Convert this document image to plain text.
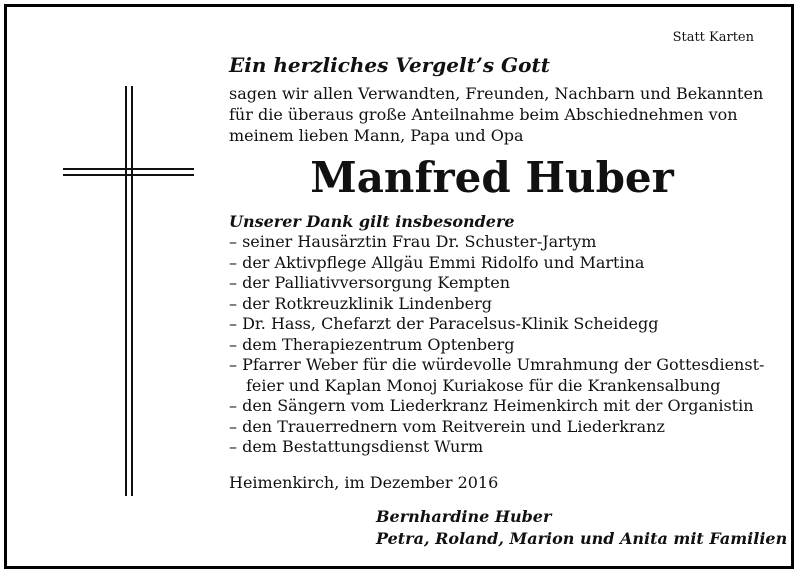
Statt Karten
Ein herzliches Vergelt’s Gott
sagen wir allen Verwandten, Freunden, Nachbarn und Bekannten
für die überaus große Anteilnahme beim Abschiednehmen von
meinem lieben Mann, Papa und Opa
Manfred Huber
Unserer Dank gilt insbesondere
– seiner Hausärztin Frau Dr. Schuster-Jartym
– der Aktivpflege Allgäu Emmi Ridolfo und Martina
– der Palliativversorgung Kempten
– der Rotkreuzklinik Lindenberg
– Dr. Hass, Chefarzt der Paracelsus-Klinik Scheidegg
– dem Therapiezentrum Optenberg
– Pfarrer Weber für die würdevolle Umrahmung der Gottesdienst-
feier und Kaplan Monoj Kuriakose für die Krankensalbung
– den Sängern vom Liederkranz Heimenkirch mit der Organistin
– den Trauerrednern vom Reitverein und Liederkranz
– dem Bestattungsdienst Wurm
Heimenkirch, im Dezember 2016
Bernhardine Huber
Petra, Roland, Marion und Anita mit Familien
